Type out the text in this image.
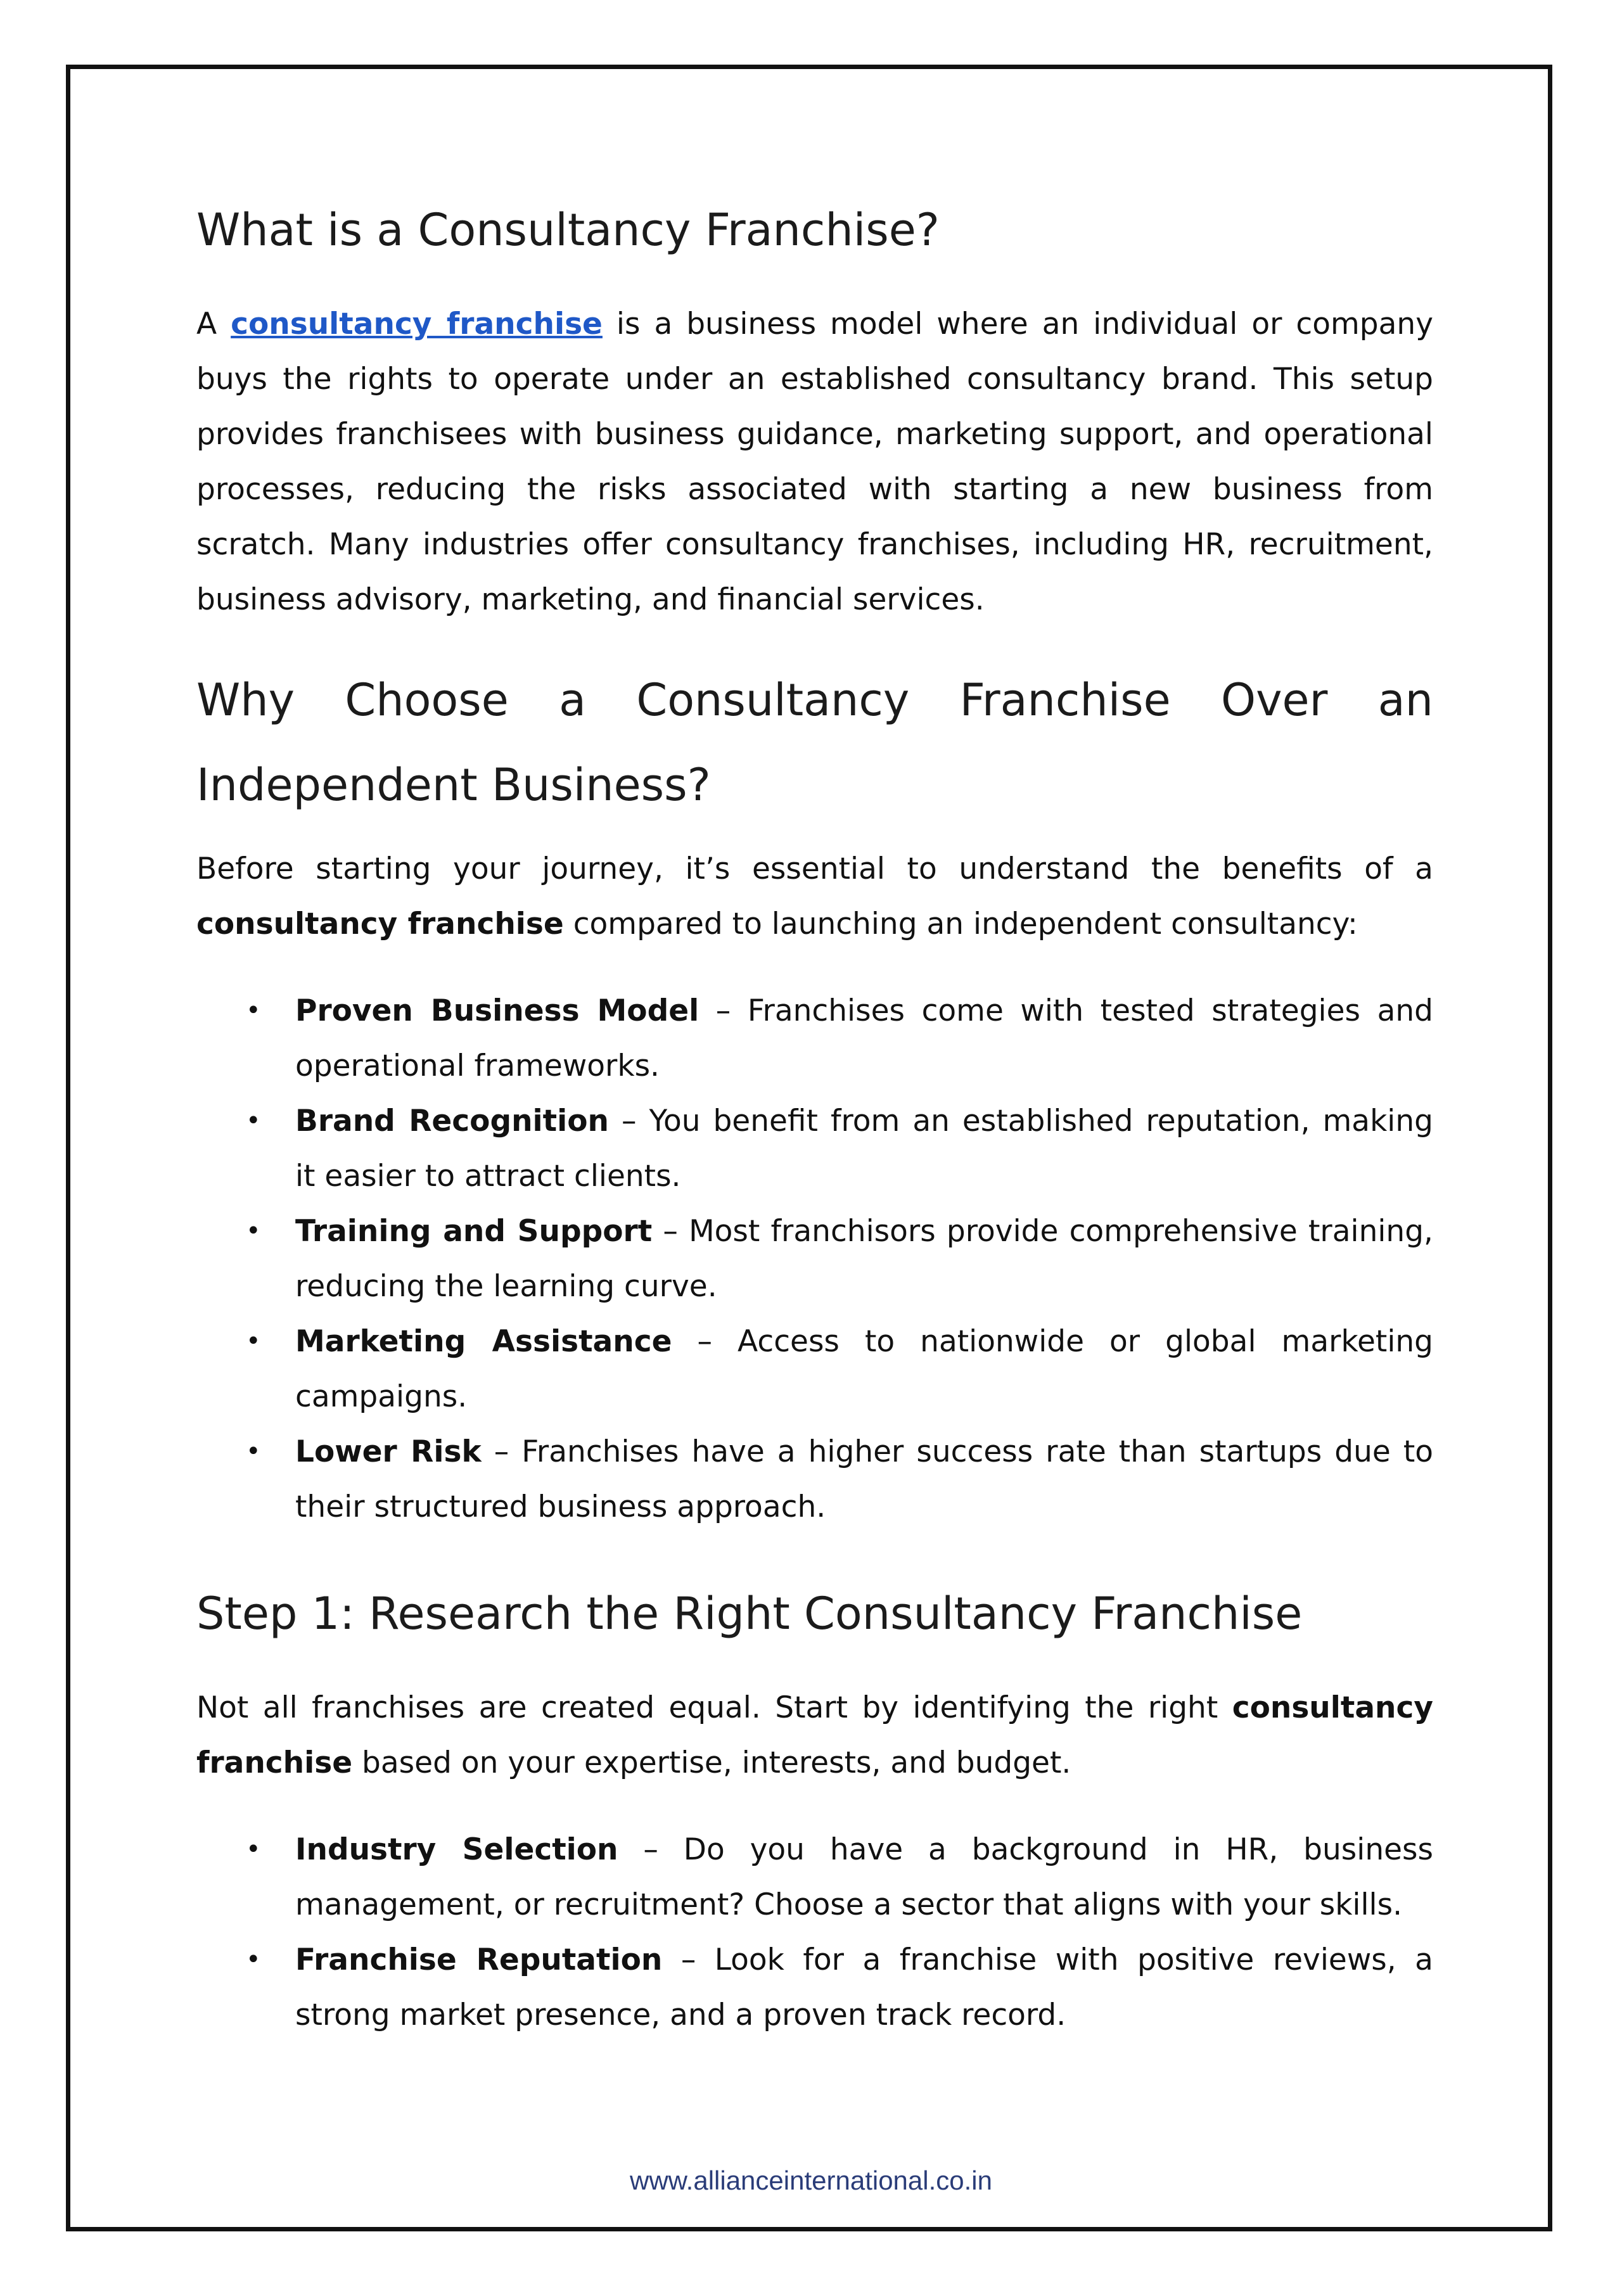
What is a Consultancy Franchise?

A consultancy franchise is a business model where an individual or company buys the rights to operate under an established consultancy brand. This setup provides franchisees with business guidance, marketing support, and operational processes, reducing the risks associated with starting a new business from scratch. Many industries offer consultancy franchises, including HR, recruitment, business advisory, marketing, and financial services.

Why Choose a Consultancy Franchise Over an Independent Business?

Before starting your journey, it’s essential to understand the benefits of a consultancy franchise compared to launching an independent consultancy:

• Proven Business Model – Franchises come with tested strategies and operational frameworks.
• Brand Recognition – You benefit from an established reputation, making it easier to attract clients.
• Training and Support – Most franchisors provide comprehensive training, reducing the learning curve.
• Marketing Assistance – Access to nationwide or global marketing campaigns.
• Lower Risk – Franchises have a higher success rate than startups due to their structured business approach.
Step 1: Research the Right Consultancy Franchise

Not all franchises are created equal. Start by identifying the right consultancy franchise based on your expertise, interests, and budget.

• Industry Selection – Do you have a background in HR, business management, or recruitment? Choose a sector that aligns with your skills.
• Franchise Reputation – Look for a franchise with positive reviews, a strong market presence, and a proven track record.
www.allianceinternational.co.in
